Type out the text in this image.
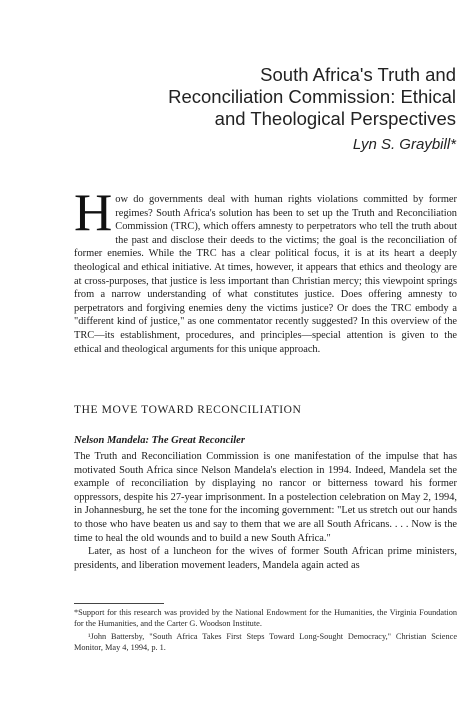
South Africa's Truth and
Reconciliation Commission: Ethical
and Theological Perspectives
Lyn S. Graybill*
H ow do governments deal with human rights violations committed by former regimes? South Africa's solution has been to set up the Truth and Reconciliation Commission (TRC), which offers amnesty to perpetrators who tell the truth about the past and disclose their deeds to the victims; the goal is the reconciliation of former enemies. While the TRC has a clear political focus, it is at its heart a deeply theological and ethical initiative. At times, however, it appears that ethics and theology are at cross-purposes, that justice is less important than Christian mercy; this viewpoint springs from a narrow understanding of what constitutes justice. Does offering amnesty to perpetrators and forgiving enemies deny the victims justice? Or does the TRC embody a "different kind of justice," as one commentator recently suggested? In this overview of the TRC—its establishment, procedures, and principles—special attention is given to the ethical and theological arguments for this unique approach.
THE MOVE TOWARD RECONCILIATION
Nelson Mandela: The Great Reconciler

The Truth and Reconciliation Commission is one manifestation of the impulse that has motivated South Africa since Nelson Mandela's election in 1994. Indeed, Mandela set the example of reconciliation by displaying no rancor or bitterness toward his former oppressors, despite his 27-year imprisonment. In a postelection celebration on May 2, 1994, in Johannesburg, he set the tone for the incoming government: "Let us stretch out our hands to those who have beaten us and say to them that we are all South Africans. . . . Now is the time to heal the old wounds and to build a new South Africa."

Later, as host of a luncheon for the wives of former South African prime ministers, presidents, and liberation movement leaders, Mandela again acted as

*Support for this research was provided by the National Endowment for the Humanities, the Virginia Foundation for the Humanities, and the Carter G. Woodson Institute.

¹John Battersby, "South Africa Takes First Steps Toward Long-Sought Democracy," Christian Science Monitor, May 4, 1994, p. 1.
